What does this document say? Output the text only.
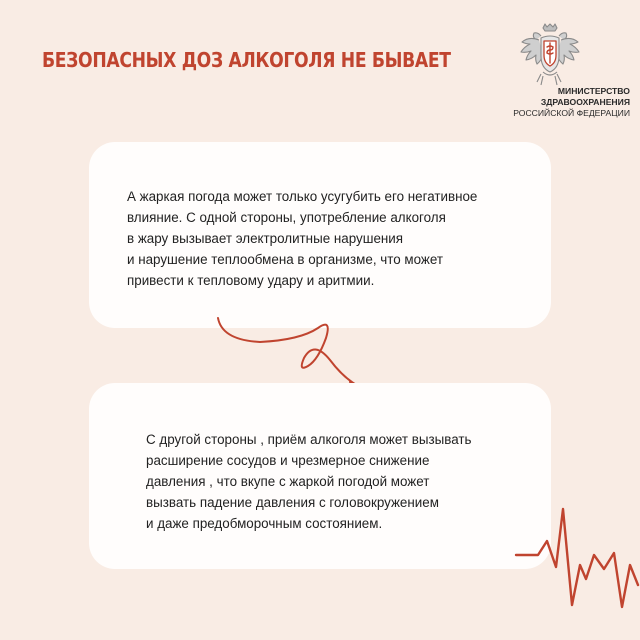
БЕЗОПАСНЫХ ДОЗ АЛКОГОЛЯ НЕ БЫВАЕТ
МИНИСТЕРСТВО
ЗДРАВООХРАНЕНИЯ
РОССИЙСКОЙ ФЕДЕРАЦИИ
А жаркая погода может только усугубить его негативное
влияние. С одной стороны, употребление алкоголя
в жару вызывает электролитные нарушения
и нарушение теплообмена в организме, что может
привести к тепловому удару и аритмии.
С другой стороны , приём алкоголя может вызывать
расширение сосудов и чрезмерное снижение
давления , что вкупе с жаркой погодой может
вызвать падение давления с головокружением
и даже предобморочным состоянием.
